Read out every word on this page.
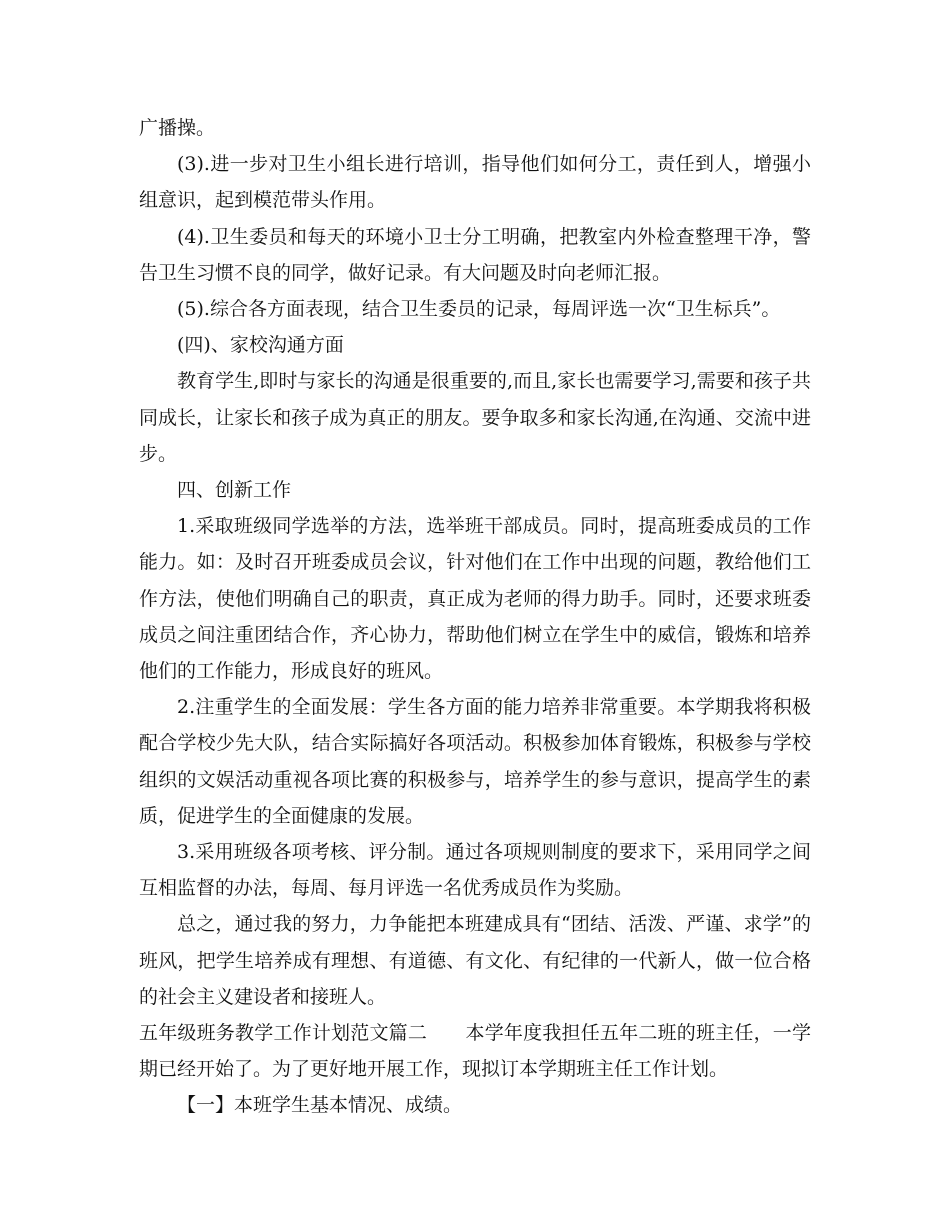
广播操。

(3).进一步对卫生小组长进行培训，指导他们如何分工，责任到人，增强小组意识，起到模范带头作用。

(4).卫生委员和每天的环境小卫士分工明确，把教室内外检查整理干净，警告卫生习惯不良的同学，做好记录。有大问题及时向老师汇报。

(5).综合各方面表现，结合卫生委员的记录，每周评选一次“卫生标兵”。

(四)、家校沟通方面

教育学生,即时与家长的沟通是很重要的,而且,家长也需要学习,需要和孩子共同成长，让家长和孩子成为真正的朋友。要争取多和家长沟通,在沟通、交流中进步。

四、创新工作

1.采取班级同学选举的方法，选举班干部成员。同时，提高班委成员的工作能力。如：及时召开班委成员会议，针对他们在工作中出现的问题，教给他们工作方法，使他们明确自己的职责，真正成为老师的得力助手。同时，还要求班委成员之间注重团结合作，齐心协力，帮助他们树立在学生中的威信，锻炼和培养他们的工作能力，形成良好的班风。

2.注重学生的全面发展：学生各方面的能力培养非常重要。本学期我将积极配合学校少先大队，结合实际搞好各项活动。积极参加体育锻炼，积极参与学校组织的文娱活动重视各项比赛的积极参与，培养学生的参与意识，提高学生的素质，促进学生的全面健康的发展。

3.采用班级各项考核、评分制。通过各项规则制度的要求下，采用同学之间互相监督的办法，每周、每月评选一名优秀成员作为奖励。

总之，通过我的努力，力争能把本班建成具有“团结、活泼、严谨、求学”的班风，把学生培养成有理想、有道德、有文化、有纪律的一代新人，做一位合格的社会主义建设者和接班人。

五年级班务教学工作计划范文篇二　　本学年度我担任五年二班的班主任，一学期已经开始了。为了更好地开展工作，现拟订本学期班主任工作计划。

【一】本班学生基本情况、成绩。
